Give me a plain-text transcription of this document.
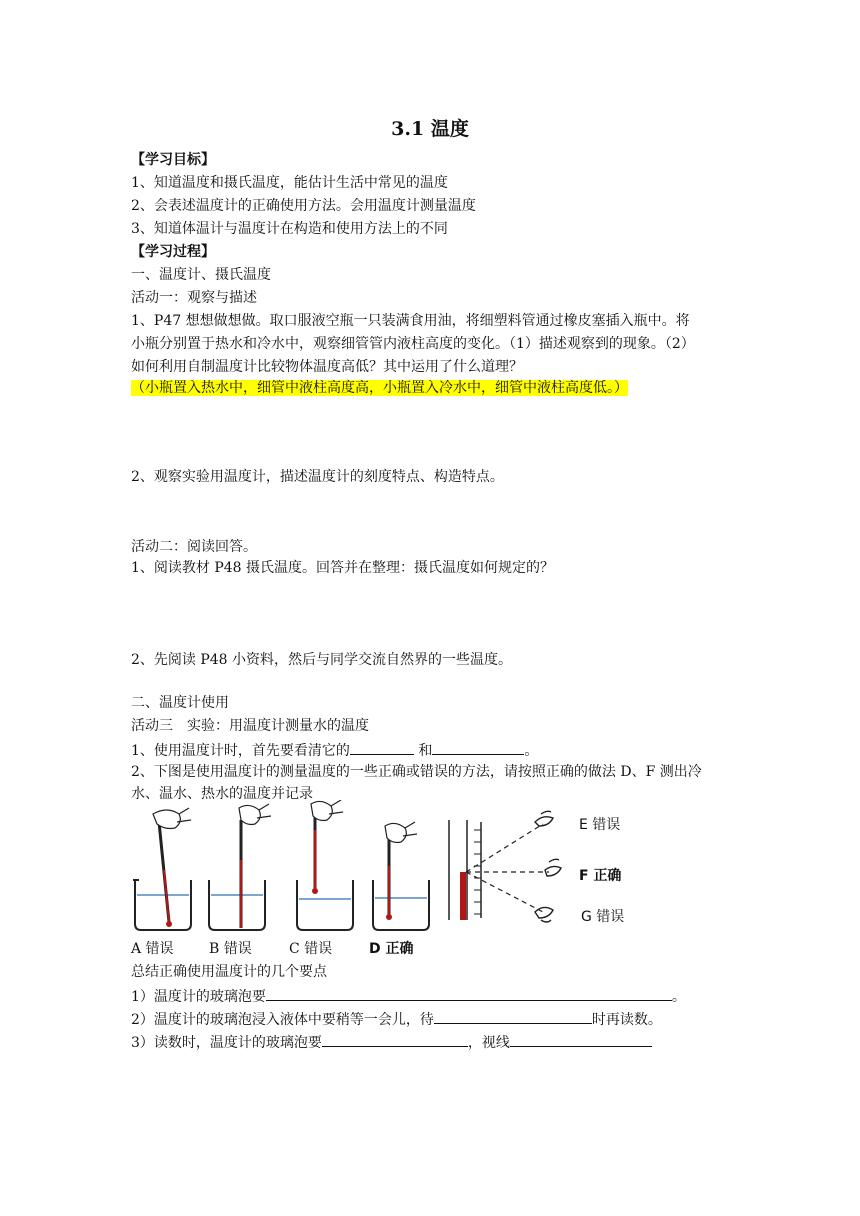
3.1 温度
【学习目标】
1、知道温度和摄氏温度，能估计生活中常见的温度
2、会表述温度计的正确使用方法。会用温度计测量温度
3、知道体温计与温度计在构造和使用方法上的不同
【学习过程】
一、温度计、摄氏温度
活动一：观察与描述
1、P47 想想做想做。取口服液空瓶一只装满食用油，将细塑料管通过橡皮塞插入瓶中。将
小瓶分别置于热水和冷水中，观察细管管内液柱高度的变化。（1）描述观察到的现象。（2）
如何利用自制温度计比较物体温度高低？其中运用了什么道理？
（小瓶置入热水中，细管中液柱高度高，小瓶置入冷水中，细管中液柱高度低。）
2、观察实验用温度计，描述温度计的刻度特点、构造特点。
活动二：阅读回答。
1、阅读教材 P48 摄氏温度。回答并在整理：摄氏温度如何规定的？
2、先阅读 P48 小资料，然后与同学交流自然界的一些温度。
二、温度计使用
活动三　实验：用温度计测量水的温度
1、使用温度计时，首先要看清它的	和	。
2、下图是使用温度计的测量温度的一些正确或错误的方法，请按照正确的做法 D、F 测出冷
水、温水、热水的温度并记录
E 错误
F 正确
G 错误
A 错误	B 错误	C 错误	D 正确
总结正确使用温度计的几个要点
1）温度计的玻璃泡要	。
2）温度计的玻璃泡浸入液体中要稍等一会儿，待	时再读数。
3）读数时，温度计的玻璃泡要	，视线
